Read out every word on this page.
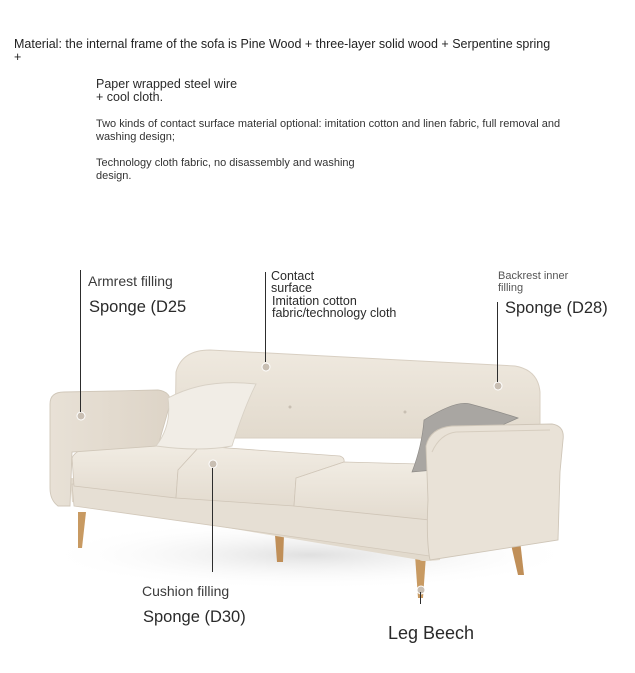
Material: the internal frame of the sofa is Pine Wood + three-layer solid wood + Serpentine spring
+
Paper wrapped steel wire
+ cool cloth.
Two kinds of contact surface material optional: imitation cotton and linen fabric, full removal and
washing design;
Technology cloth fabric, no disassembly and washing
design.
Armrest filling
Sponge (D25
Contact
surface
Imitation cotton
fabric/technology cloth
Backrest inner
filling
Sponge (D28)
Cushion filling
Sponge (D30)
Leg Beech
